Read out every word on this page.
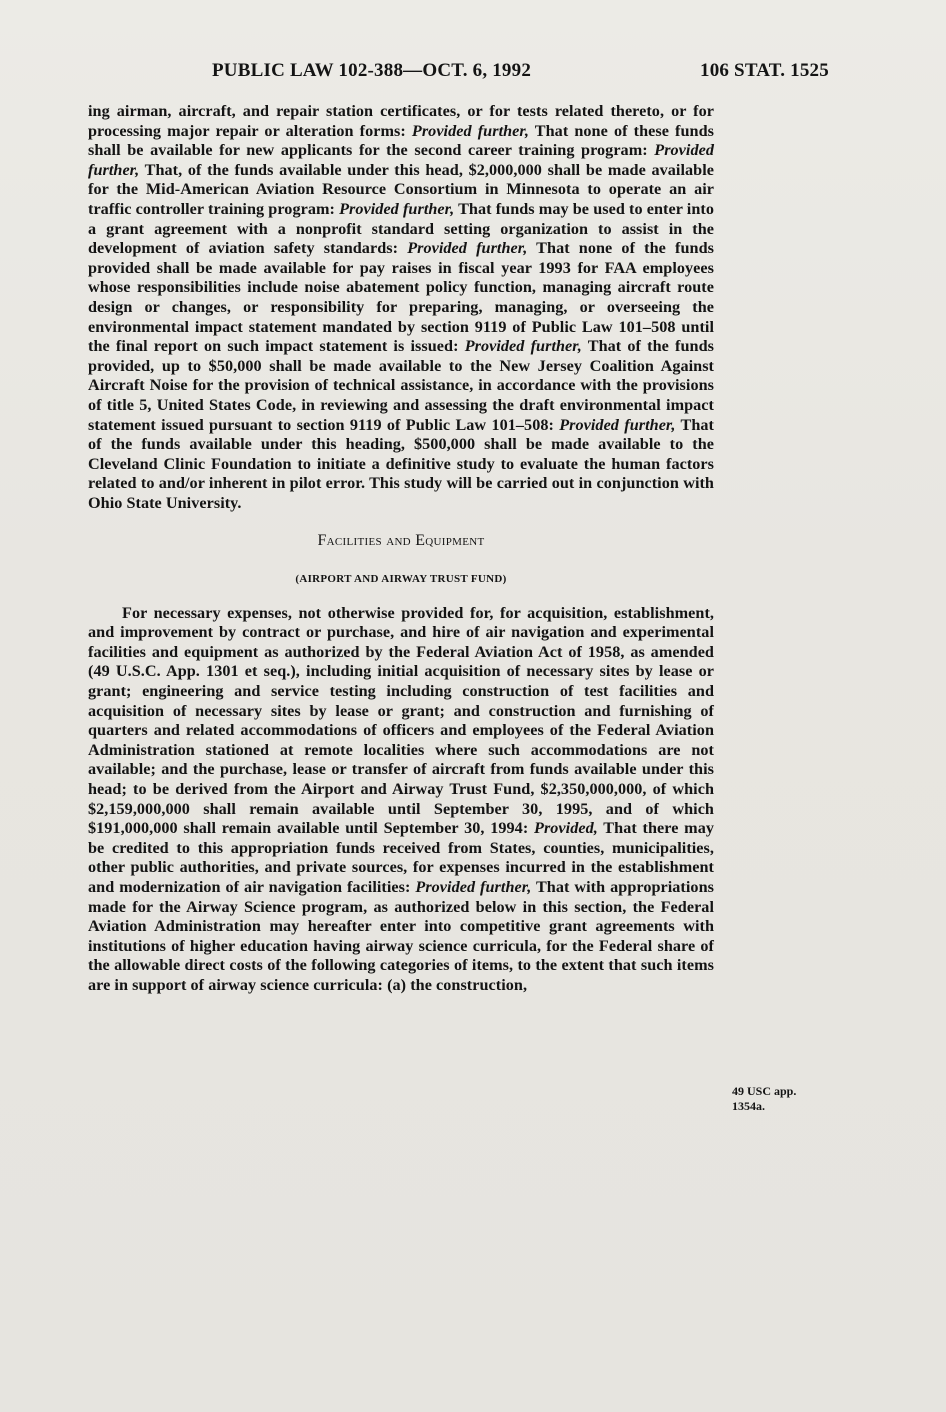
PUBLIC LAW 102-388—OCT. 6, 1992	106 STAT. 1525

ing airman, aircraft, and repair station certificates, or for tests related thereto, or for processing major repair or alteration forms: Provided further, That none of these funds shall be available for new applicants for the second career training program: Provided further, That, of the funds available under this head, $2,000,000 shall be made available for the Mid-American Aviation Resource Consortium in Minnesota to operate an air traffic controller training program: Provided further, That funds may be used to enter into a grant agreement with a nonprofit standard setting organization to assist in the development of aviation safety standards: Provided further, That none of the funds provided shall be made available for pay raises in fiscal year 1993 for FAA employees whose responsibilities include noise abatement policy function, managing aircraft route design or changes, or responsibility for preparing, managing, or overseeing the environmental impact statement mandated by section 9119 of Public Law 101–508 until the final report on such impact statement is issued: Provided further, That of the funds provided, up to $50,000 shall be made available to the New Jersey Coalition Against Aircraft Noise for the provision of technical assistance, in accordance with the provisions of title 5, United States Code, in reviewing and assessing the draft environmental impact statement issued pursuant to section 9119 of Public Law 101–508: Provided further, That of the funds available under this heading, $500,000 shall be made available to the Cleveland Clinic Foundation to initiate a definitive study to evaluate the human factors related to and/or inherent in pilot error. This study will be carried out in conjunction with Ohio State University.

Facilities and Equipment

(AIRPORT AND AIRWAY TRUST FUND)

For necessary expenses, not otherwise provided for, for acquisition, establishment, and improvement by contract or purchase, and hire of air navigation and experimental facilities and equipment as authorized by the Federal Aviation Act of 1958, as amended (49 U.S.C. App. 1301 et seq.), including initial acquisition of necessary sites by lease or grant; engineering and service testing including construction of test facilities and acquisition of necessary sites by lease or grant; and construction and furnishing of quarters and related accommodations of officers and employees of the Federal Aviation Administration stationed at remote localities where such accommodations are not available; and the purchase, lease or transfer of aircraft from funds available under this head; to be derived from the Airport and Airway Trust Fund, $2,350,000,000, of which $2,159,000,000 shall remain available until September 30, 1995, and of which $191,000,000 shall remain available until September 30, 1994: Provided, That there may be credited to this appropriation funds received from States, counties, municipalities, other public authorities, and private sources, for expenses incurred in the establishment and modernization of air navigation facilities: Provided further, That with appropriations made for the Airway Science program, as authorized below in this section, the Federal Aviation Administration may hereafter enter into competitive grant agreements with institutions of higher education having airway science curricula, for the Federal share of the allowable direct costs of the following categories of items, to the extent that such items are in support of airway science curricula: (a) the construction,

49 USC app.
1354a.
